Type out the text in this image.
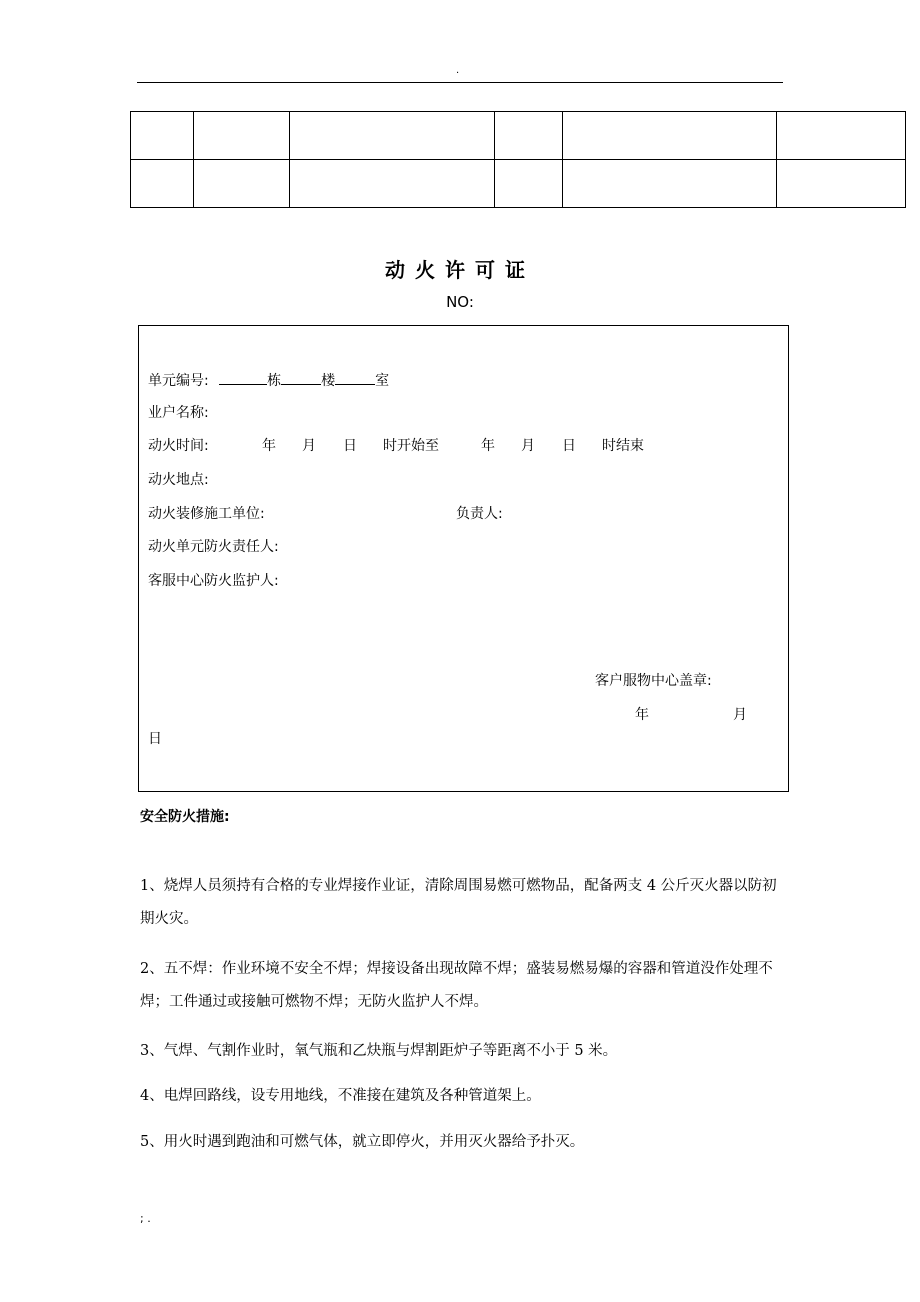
.

动火许可证
NO:
单元编号:	栋	楼	室
业户名称:
动火时间:	年 月 日 时开始至	年 月 日 时结束
动火地点:
动火装修施工单位:	负责人:
动火单元防火责任人:
客服中心防火监护人:
客户服物中心盖章:
年	月
日
安全防火措施:
1、烧焊人员须持有合格的专业焊接作业证，清除周围易燃可燃物品，配备两支 4 公斤灭火器以防初期火灾。
2、五不焊：作业环境不安全不焊；焊接设备出现故障不焊；盛装易燃易爆的容器和管道没作处理不焊；工件通过或接触可燃物不焊；无防火监护人不焊。
3、气焊、气割作业时，氧气瓶和乙炔瓶与焊割距炉子等距离不小于 5 米。
4、电焊回路线，设专用地线，不准接在建筑及各种管道架上。
5、用火时遇到跑油和可燃气体，就立即停火，并用灭火器给予扑灭。
; .
